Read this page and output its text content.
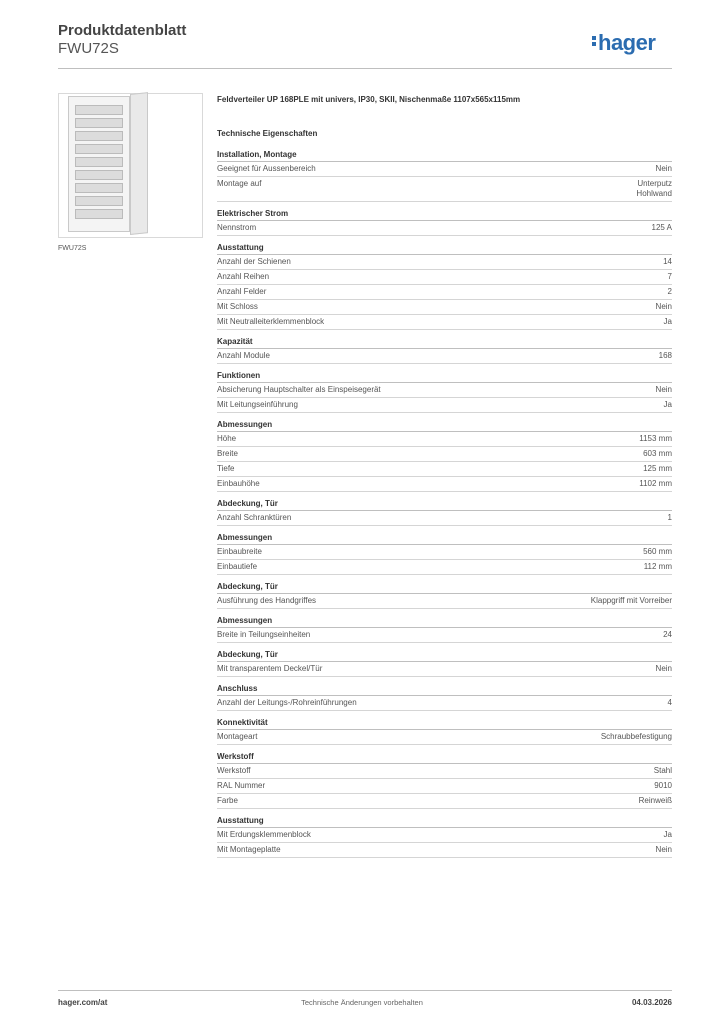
Produktdatenblatt
FWU72S	hager
FWU72S
Feldverteiler UP 168PLE mit univers, IP30, SKII, Nischenmaße 1107x565x115mm
Technische Eigenschaften
Installation, Montage
Geeignet für Aussenbereich	Nein
Montage auf	Unterputz
Hohlwand
Elektrischer Strom
Nennstrom	125 A
Ausstattung
Anzahl der Schienen	14
Anzahl Reihen	7
Anzahl Felder	2
Mit Schloss	Nein
Mit Neutralleiterklemmenblock	Ja
Kapazität
Anzahl Module	168
Funktionen
Absicherung Hauptschalter als Einspeisegerät	Nein
Mit Leitungseinführung	Ja
Abmessungen
Höhe	1153 mm
Breite	603 mm
Tiefe	125 mm
Einbauhöhe	1102 mm
Abdeckung, Tür
Anzahl Schranktüren	1
Abmessungen
Einbaubreite	560 mm
Einbautiefe	112 mm
Abdeckung, Tür
Ausführung des Handgriffes	Klappgriff mit Vorreiber
Abmessungen
Breite in Teilungseinheiten	24
Abdeckung, Tür
Mit transparentem Deckel/Tür	Nein
Anschluss
Anzahl der Leitungs-/Rohreinführungen	4
Konnektivität
Montageart	Schraubbefestigung
Werkstoff
Werkstoff	Stahl
RAL Nummer	9010
Farbe	Reinweiß
Ausstattung
Mit Erdungsklemmenblock	Ja
Mit Montageplatte	Nein
hager.com/at	Technische Änderungen vorbehalten	04.03.2026
